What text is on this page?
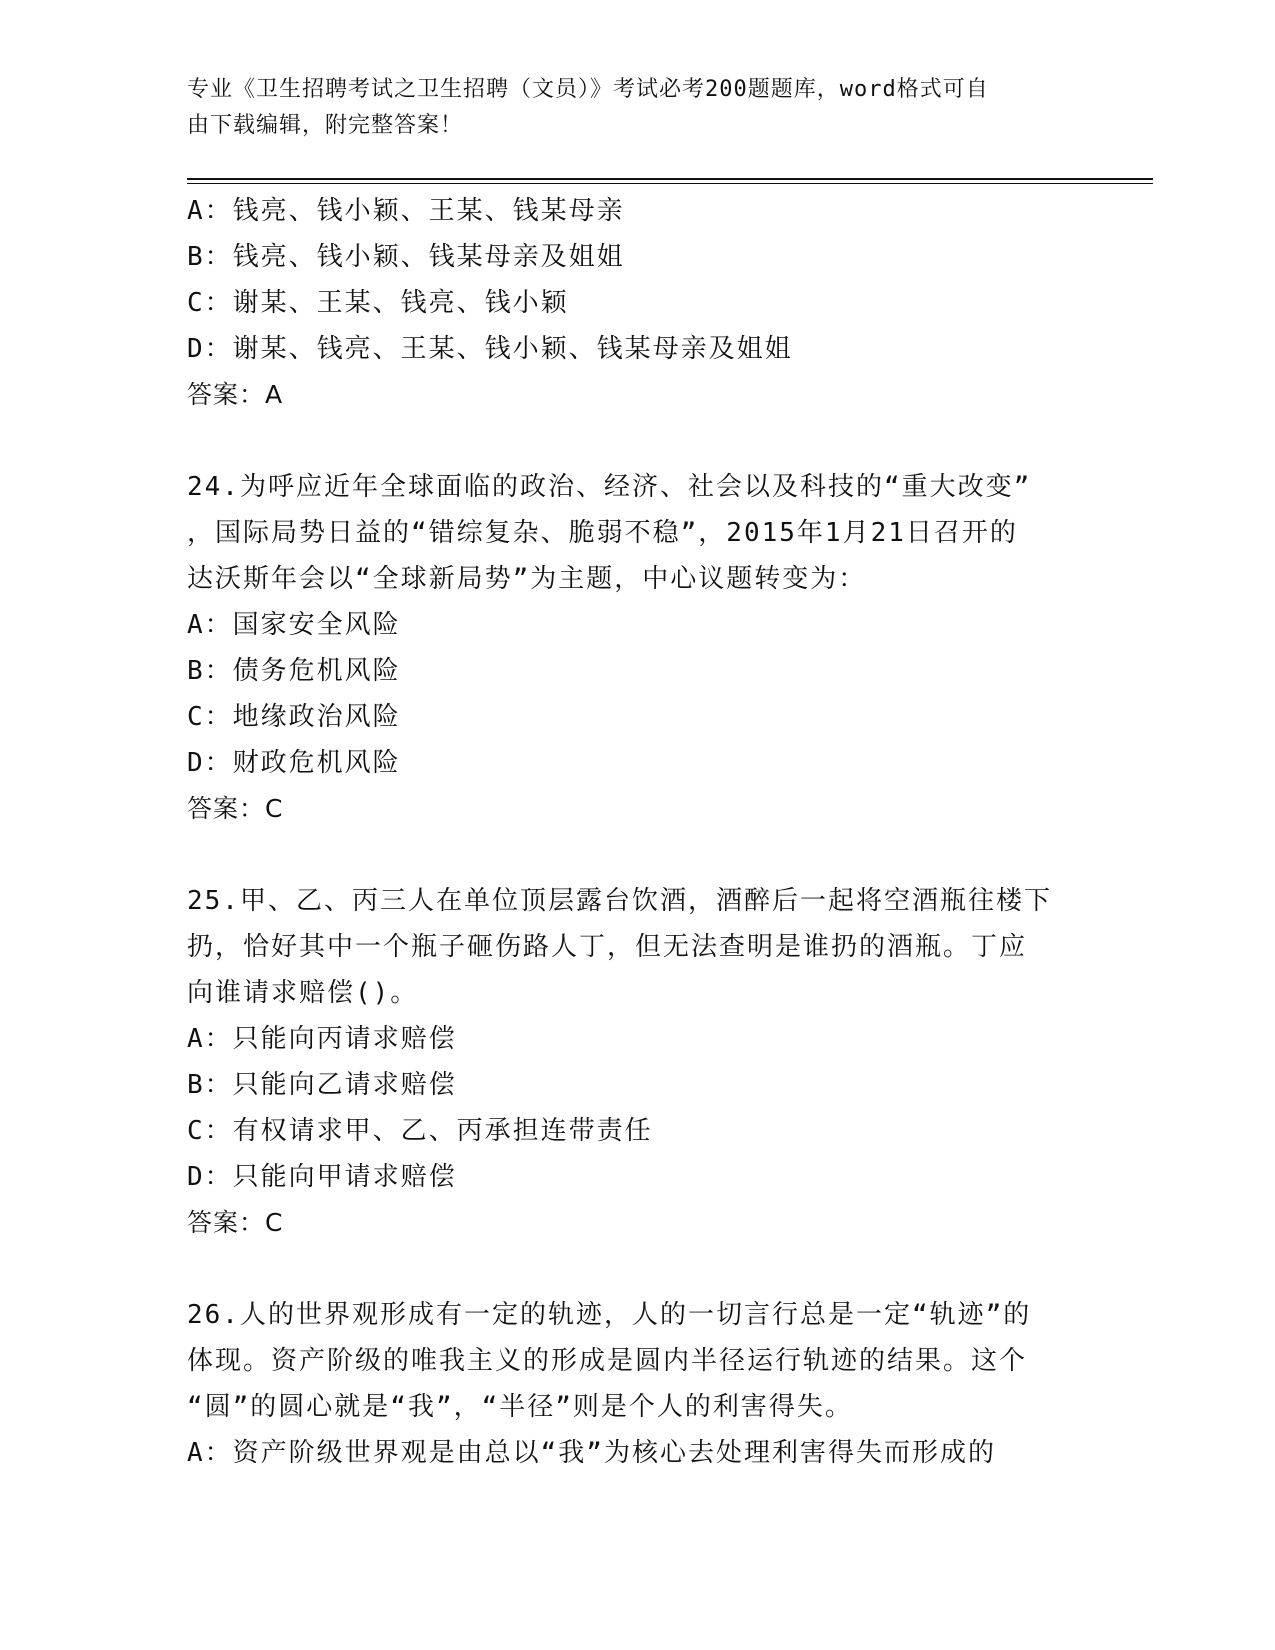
专业《卫生招聘考试之卫生招聘（文员）》考试必考200题题库，word格式可自
由下载编辑，附完整答案！
A：钱亮、钱小颖、王某、钱某母亲
B：钱亮、钱小颖、钱某母亲及姐姐
C：谢某、王某、钱亮、钱小颖
D：谢某、钱亮、王某、钱小颖、钱某母亲及姐姐
答案：A
24.为呼应近年全球面临的政治、经济、社会以及科技的“重大改变”
，国际局势日益的“错综复杂、脆弱不稳”，2015年1月21日召开的
达沃斯年会以“全球新局势”为主题，中心议题转变为：
A：国家安全风险
B：债务危机风险
C：地缘政治风险
D：财政危机风险
答案：C
25.甲、乙、丙三人在单位顶层露台饮酒，酒醉后一起将空酒瓶往楼下
扔，恰好其中一个瓶子砸伤路人丁，但无法查明是谁扔的酒瓶。丁应
向谁请求赔偿()。
A：只能向丙请求赔偿
B：只能向乙请求赔偿
C：有权请求甲、乙、丙承担连带责任
D：只能向甲请求赔偿
答案：C
26.人的世界观形成有一定的轨迹，人的一切言行总是一定“轨迹”的
体现。资产阶级的唯我主义的形成是圆内半径运行轨迹的结果。这个
“圆”的圆心就是“我”，“半径”则是个人的利害得失。
A：资产阶级世界观是由总以“我”为核心去处理利害得失而形成的
